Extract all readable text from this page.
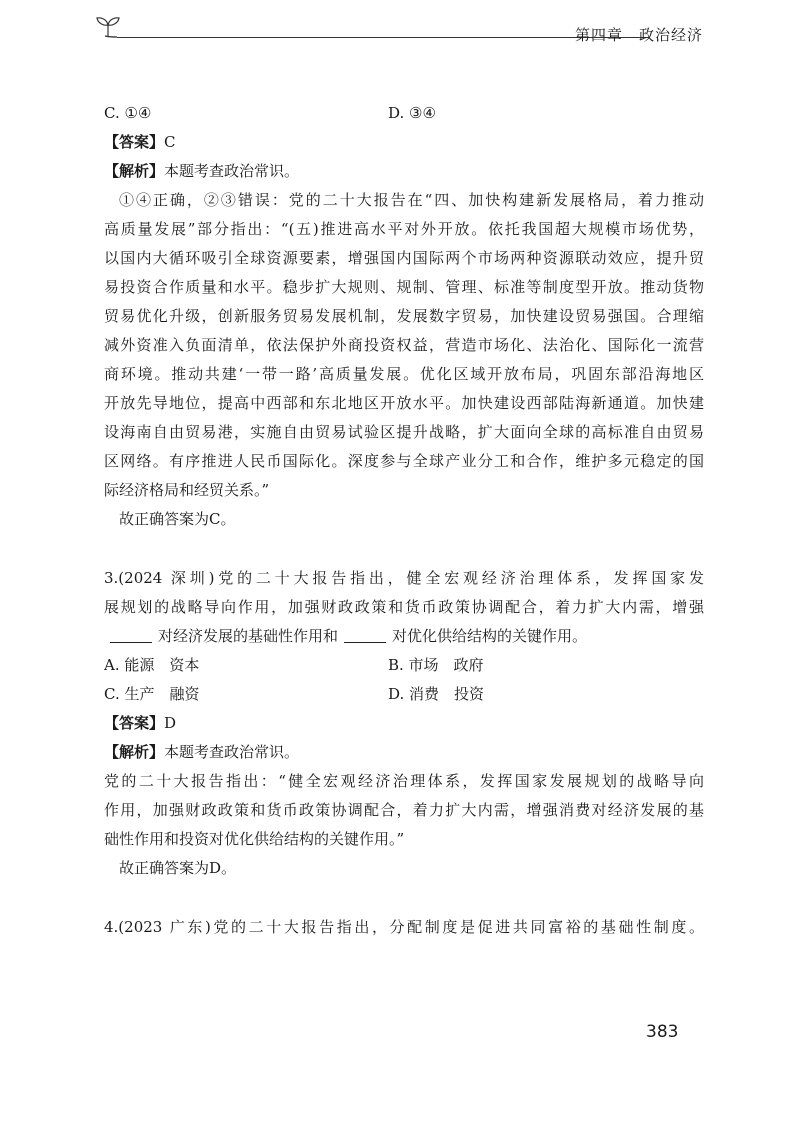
第四章　政治经济
C. ①④	D. ③④
【答案】C
【解析】本题考查政治常识。
①④正确，②③错误：党的二十大报告在“四、加快构建新发展格局，着力推动
高质量发展”部分指出：“(五)推进高水平对外开放。依托我国超大规模市场优势，
以国内大循环吸引全球资源要素，增强国内国际两个市场两种资源联动效应，提升贸
易投资合作质量和水平。稳步扩大规则、规制、管理、标准等制度型开放。推动货物
贸易优化升级，创新服务贸易发展机制，发展数字贸易，加快建设贸易强国。合理缩
减外资准入负面清单，依法保护外商投资权益，营造市场化、法治化、国际化一流营
商环境。推动共建‘一带一路’高质量发展。优化区域开放布局，巩固东部沿海地区
开放先导地位，提高中西部和东北地区开放水平。加快建设西部陆海新通道。加快建
设海南自由贸易港，实施自由贸易试验区提升战略，扩大面向全球的高标准自由贸易
区网络。有序推进人民币国际化。深度参与全球产业分工和合作，维护多元稳定的国
际经济格局和经贸关系。”
故正确答案为C。
3.(2024 深圳)党的二十大报告指出，健全宏观经济治理体系，发挥国家发
展规划的战略导向作用，加强财政政策和货币政策协调配合，着力扩大内需，增强
对经济发展的基础性作用和	对优化供给结构的关键作用。
A. 能源　资本	B. 市场　政府
C. 生产　融资	D. 消费　投资
【答案】D
【解析】本题考查政治常识。
党的二十大报告指出：“健全宏观经济治理体系，发挥国家发展规划的战略导向
作用，加强财政政策和货币政策协调配合，着力扩大内需，增强消费对经济发展的基
础性作用和投资对优化供给结构的关键作用。”
故正确答案为D。
4.(2023 广东)党的二十大报告指出，分配制度是促进共同富裕的基础性制度。
383
